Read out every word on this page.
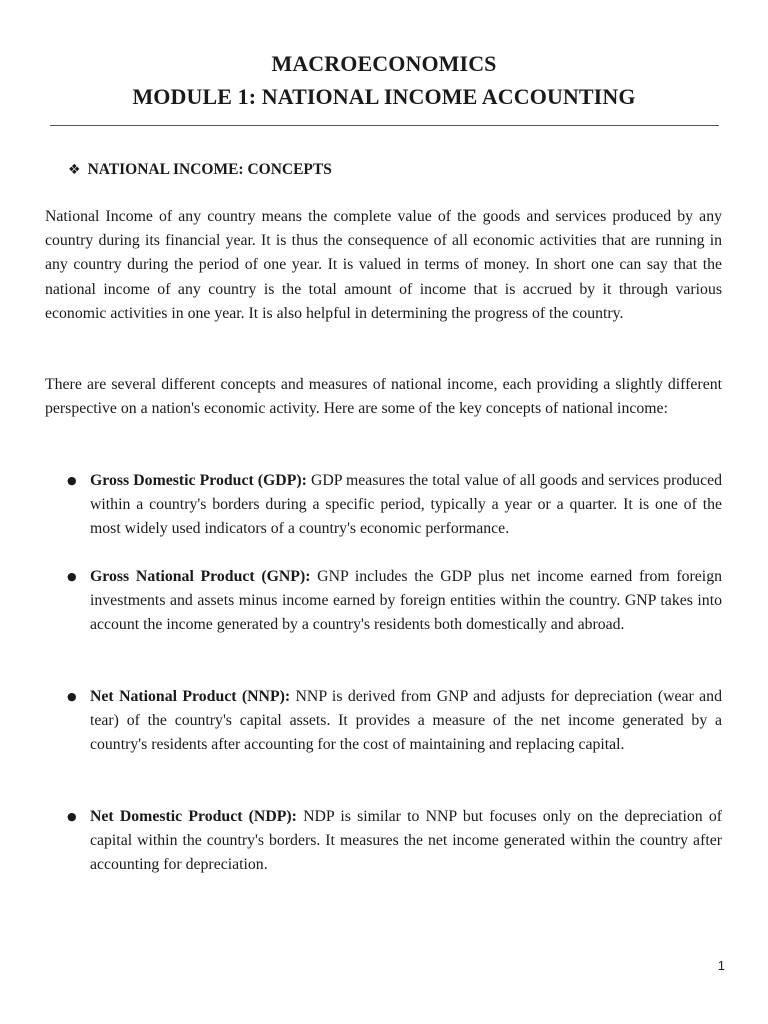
MACROECONOMICS
MODULE 1: NATIONAL INCOME ACCOUNTING
❖ NATIONAL INCOME: CONCEPTS

National Income of any country means the complete value of the goods and services produced by any country during its financial year. It is thus the consequence of all economic activities that are running in any country during the period of one year. It is valued in terms of money. In short one can say that the national income of any country is the total amount of income that is accrued by it through various economic activities in one year. It is also helpful in determining the progress of the country.

There are several different concepts and measures of national income, each providing a slightly different perspective on a nation's economic activity. Here are some of the key concepts of national income:

● Gross Domestic Product (GDP): GDP measures the total value of all goods and services produced within a country's borders during a specific period, typically a year or a quarter. It is one of the most widely used indicators of a country's economic performance.
● Gross National Product (GNP): GNP includes the GDP plus net income earned from foreign investments and assets minus income earned by foreign entities within the country. GNP takes into account the income generated by a country's residents both domestically and abroad.
● Net National Product (NNP): NNP is derived from GNP and adjusts for depreciation (wear and tear) of the country's capital assets. It provides a measure of the net income generated by a country's residents after accounting for the cost of maintaining and replacing capital.
● Net Domestic Product (NDP): NDP is similar to NNP but focuses only on the depreciation of capital within the country's borders. It measures the net income generated within the country after accounting for depreciation.
1
